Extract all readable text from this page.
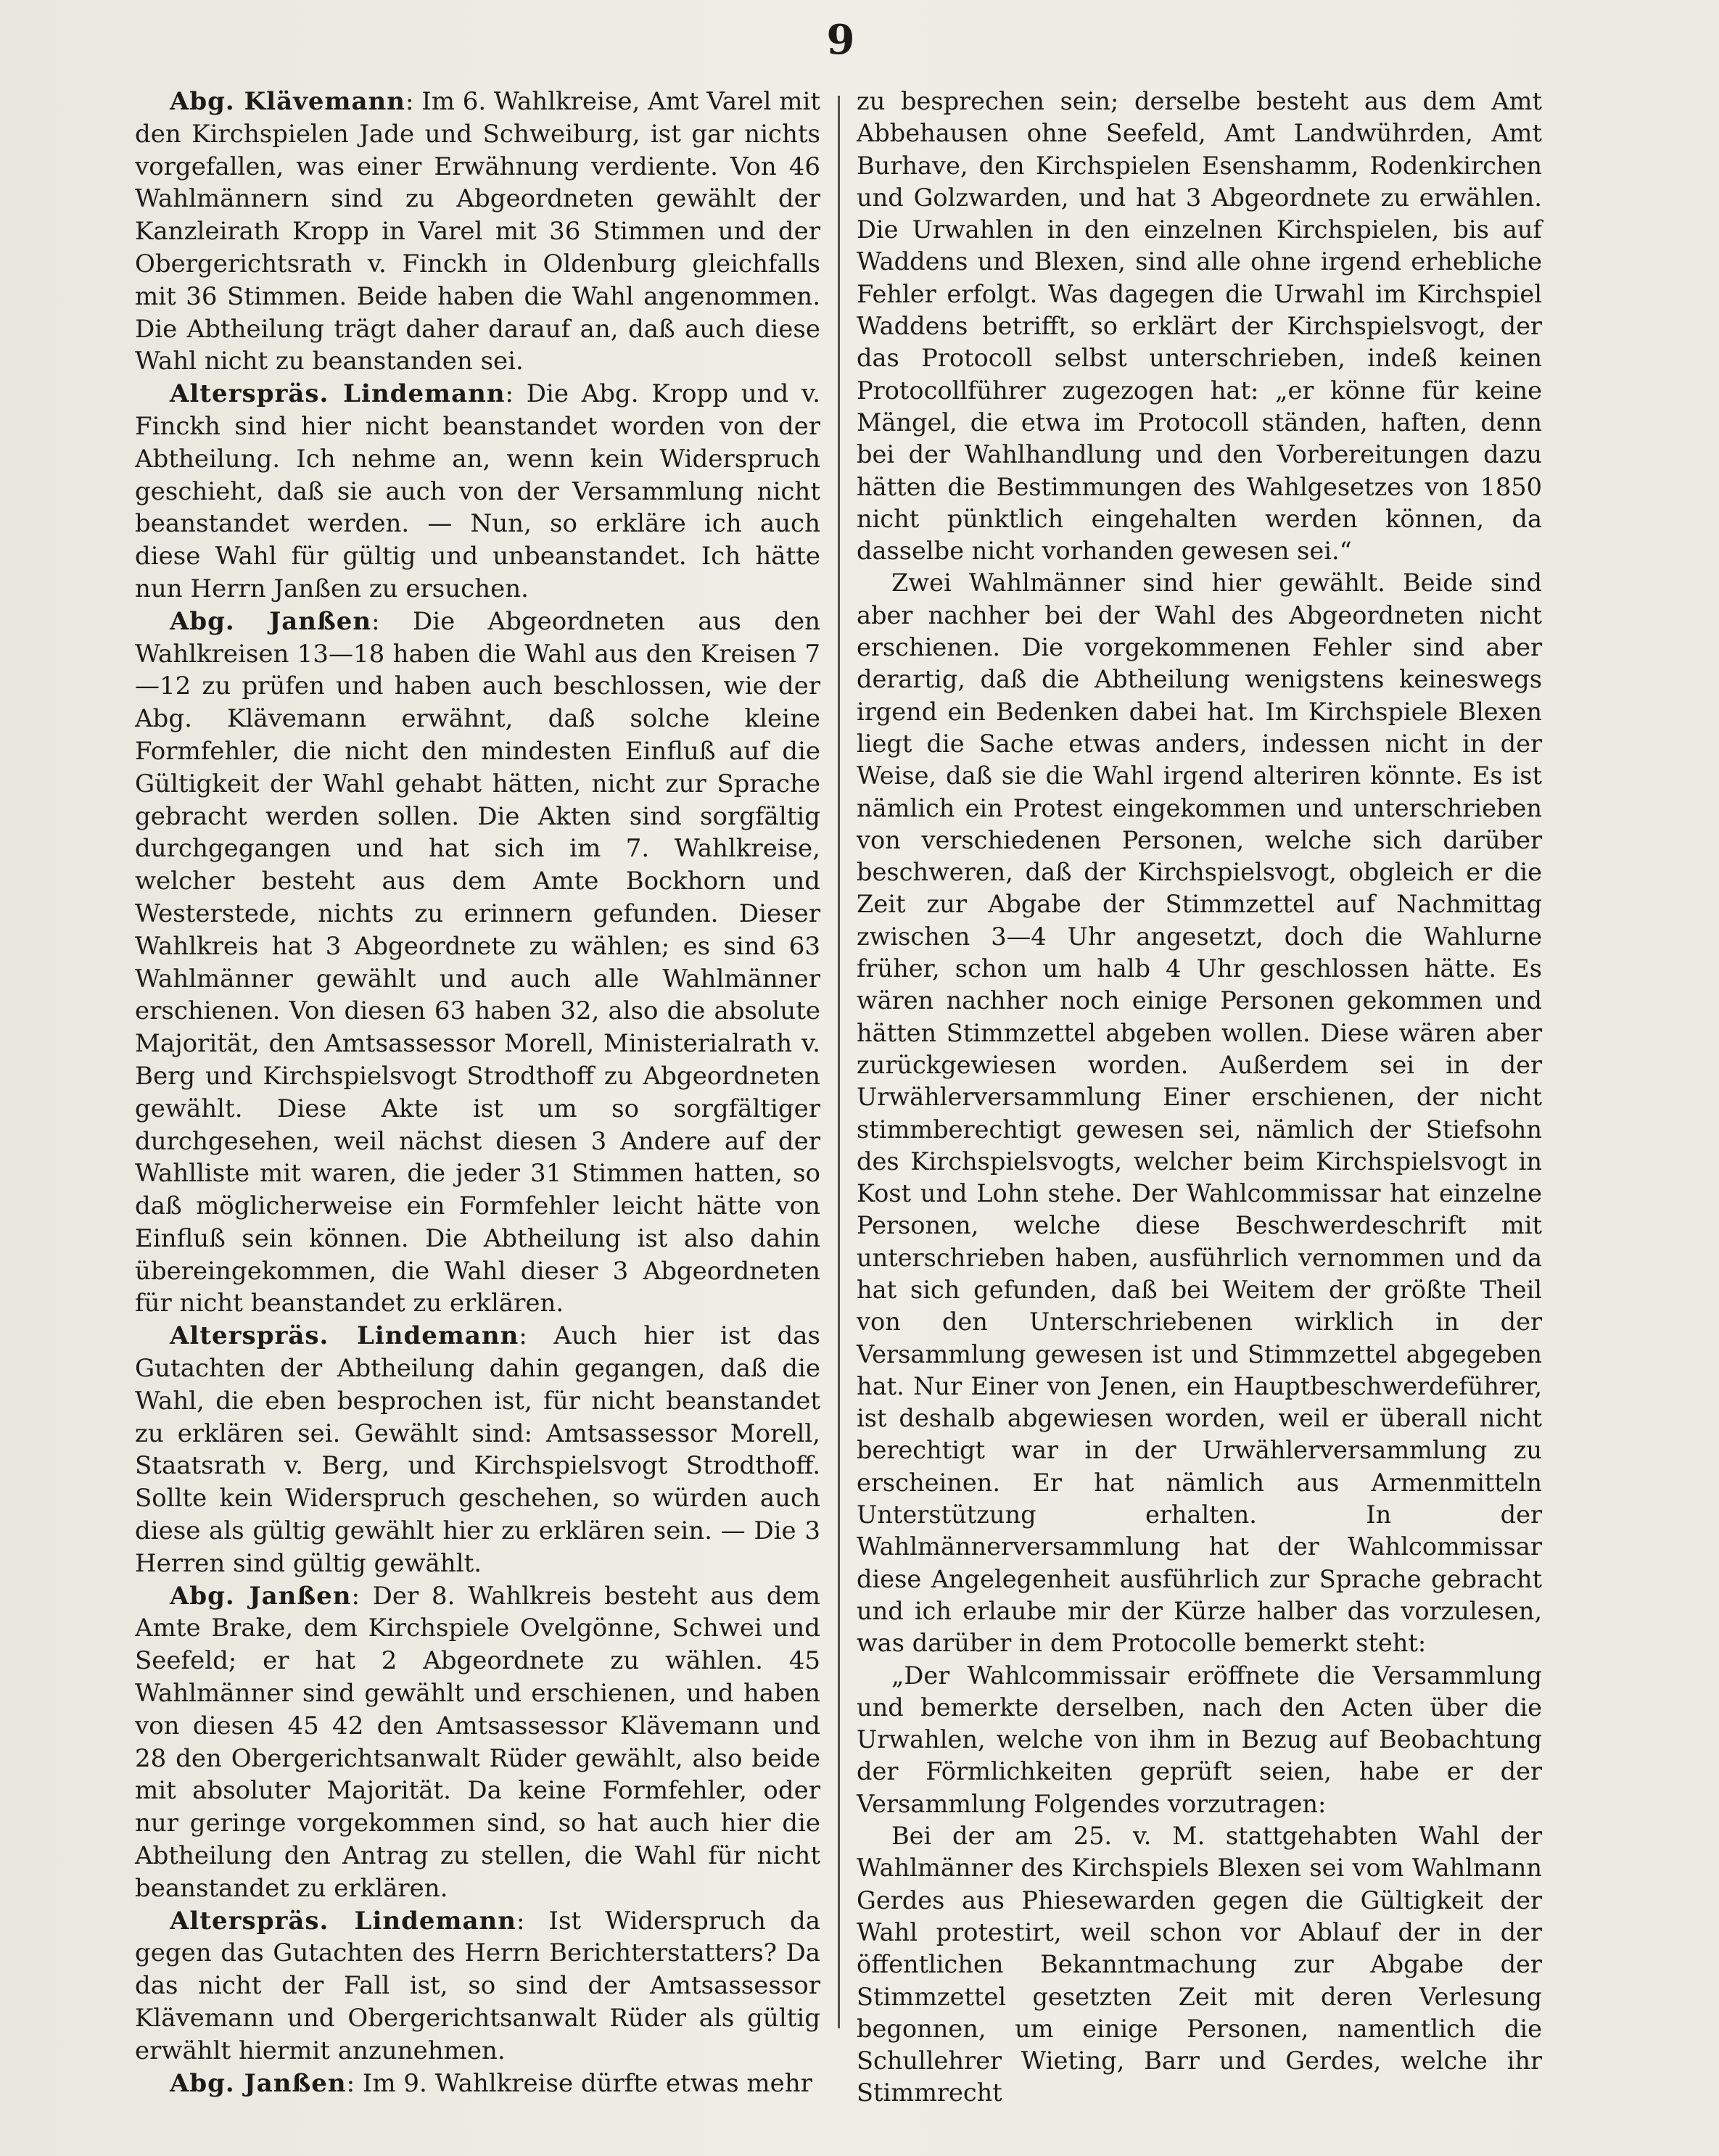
9

Abg. Klävemann: Im 6. Wahlkreise, Amt Varel mit den Kirchspielen Jade und Schweiburg, ist gar nichts vorgefallen, was einer Erwähnung verdiente. Von 46 Wahlmännern sind zu Abgeordneten gewählt der Kanzleirath Kropp in Varel mit 36 Stimmen und der Obergerichtsrath v. Finckh in Oldenburg gleichfalls mit 36 Stimmen. Beide haben die Wahl angenommen. Die Abtheilung trägt daher darauf an, daß auch diese Wahl nicht zu beanstanden sei.

Alterspräs. Lindemann: Die Abg. Kropp und v. Finckh sind hier nicht beanstandet worden von der Abtheilung. Ich nehme an, wenn kein Widerspruch geschieht, daß sie auch von der Versammlung nicht beanstandet werden. — Nun, so erkläre ich auch diese Wahl für gültig und unbeanstandet. Ich hätte nun Herrn Janßen zu ersuchen.

Abg. Janßen: Die Abgeordneten aus den Wahlkreisen 13—18 haben die Wahl aus den Kreisen 7—12 zu prüfen und haben auch beschlossen, wie der Abg. Klävemann erwähnt, daß solche kleine Formfehler, die nicht den mindesten Einfluß auf die Gültigkeit der Wahl gehabt hätten, nicht zur Sprache gebracht werden sollen. Die Akten sind sorgfältig durchgegangen und hat sich im 7. Wahlkreise, welcher besteht aus dem Amte Bockhorn und Westerstede, nichts zu erinnern gefunden. Dieser Wahlkreis hat 3 Abgeordnete zu wählen; es sind 63 Wahlmänner gewählt und auch alle Wahlmänner erschienen. Von diesen 63 haben 32, also die absolute Majorität, den Amtsassessor Morell, Ministerialrath v. Berg und Kirchspielsvogt Strodthoff zu Abgeordneten gewählt. Diese Akte ist um so sorgfältiger durchgesehen, weil nächst diesen 3 Andere auf der Wahlliste mit waren, die jeder 31 Stimmen hatten, so daß möglicherweise ein Formfehler leicht hätte von Einfluß sein können. Die Abtheilung ist also dahin übereingekommen, die Wahl dieser 3 Abgeordneten für nicht beanstandet zu erklären.

Alterspräs. Lindemann: Auch hier ist das Gutachten der Abtheilung dahin gegangen, daß die Wahl, die eben besprochen ist, für nicht beanstandet zu erklären sei. Gewählt sind: Amtsassessor Morell, Staatsrath v. Berg, und Kirchspielsvogt Strodthoff. Sollte kein Widerspruch geschehen, so würden auch diese als gültig gewählt hier zu erklären sein. — Die 3 Herren sind gültig gewählt.

Abg. Janßen: Der 8. Wahlkreis besteht aus dem Amte Brake, dem Kirchspiele Ovelgönne, Schwei und Seefeld; er hat 2 Abgeordnete zu wählen. 45 Wahlmänner sind gewählt und erschienen, und haben von diesen 45 42 den Amtsassessor Klävemann und 28 den Obergerichtsanwalt Rüder gewählt, also beide mit absoluter Majorität. Da keine Formfehler, oder nur geringe vorgekommen sind, so hat auch hier die Abtheilung den Antrag zu stellen, die Wahl für nicht beanstandet zu erklären.

Alterspräs. Lindemann: Ist Widerspruch da gegen das Gutachten des Herrn Berichterstatters? Da das nicht der Fall ist, so sind der Amtsassessor Klävemann und Obergerichtsanwalt Rüder als gültig erwählt hiermit anzunehmen.

Abg. Janßen: Im 9. Wahlkreise dürfte etwas mehr

zu besprechen sein; derselbe besteht aus dem Amt Abbehausen ohne Seefeld, Amt Landwührden, Amt Burhave, den Kirchspielen Esenshamm, Rodenkirchen und Golzwarden, und hat 3 Abgeordnete zu erwählen. Die Urwahlen in den einzelnen Kirchspielen, bis auf Waddens und Blexen, sind alle ohne irgend erhebliche Fehler erfolgt. Was dagegen die Urwahl im Kirchspiel Waddens betrifft, so erklärt der Kirchspielsvogt, der das Protocoll selbst unterschrieben, indeß keinen Protocollführer zugezogen hat: „er könne für keine Mängel, die etwa im Protocoll ständen, haften, denn bei der Wahlhandlung und den Vorbereitungen dazu hätten die Bestimmungen des Wahlgesetzes von 1850 nicht pünktlich eingehalten werden können, da dasselbe nicht vorhanden gewesen sei.“

Zwei Wahlmänner sind hier gewählt. Beide sind aber nachher bei der Wahl des Abgeordneten nicht erschienen. Die vorgekommenen Fehler sind aber derartig, daß die Abtheilung wenigstens keineswegs irgend ein Bedenken dabei hat. Im Kirchspiele Blexen liegt die Sache etwas anders, indessen nicht in der Weise, daß sie die Wahl irgend alteriren könnte. Es ist nämlich ein Protest eingekommen und unterschrieben von verschiedenen Personen, welche sich darüber beschweren, daß der Kirchspielsvogt, obgleich er die Zeit zur Abgabe der Stimmzettel auf Nachmittag zwischen 3—4 Uhr angesetzt, doch die Wahlurne früher, schon um halb 4 Uhr geschlossen hätte. Es wären nachher noch einige Personen gekommen und hätten Stimmzettel abgeben wollen. Diese wären aber zurückgewiesen worden. Außerdem sei in der Urwählerversammlung Einer erschienen, der nicht stimmberechtigt gewesen sei, nämlich der Stiefsohn des Kirchspielsvogts, welcher beim Kirchspielsvogt in Kost und Lohn stehe. Der Wahlcommissar hat einzelne Personen, welche diese Beschwerdeschrift mit unterschrieben haben, ausführlich vernommen und da hat sich gefunden, daß bei Weitem der größte Theil von den Unterschriebenen wirklich in der Versammlung gewesen ist und Stimmzettel abgegeben hat. Nur Einer von Jenen, ein Hauptbeschwerdeführer, ist deshalb abgewiesen worden, weil er überall nicht berechtigt war in der Urwählerversammlung zu erscheinen. Er hat nämlich aus Armenmitteln Unterstützung erhalten. In der Wahlmännerversammlung hat der Wahlcommissar diese Angelegenheit ausführlich zur Sprache gebracht und ich erlaube mir der Kürze halber das vorzulesen, was darüber in dem Protocolle bemerkt steht:

„Der Wahlcommissair eröffnete die Versammlung und bemerkte derselben, nach den Acten über die Urwahlen, welche von ihm in Bezug auf Beobachtung der Förmlichkeiten geprüft seien, habe er der Versammlung Folgendes vorzutragen:

Bei der am 25. v. M. stattgehabten Wahl der Wahlmänner des Kirchspiels Blexen sei vom Wahlmann Gerdes aus Phiesewarden gegen die Gültigkeit der Wahl protestirt, weil schon vor Ablauf der in der öffentlichen Bekanntmachung zur Abgabe der Stimmzettel gesetzten Zeit mit deren Verlesung begonnen, um einige Personen, namentlich die Schullehrer Wieting, Barr und Gerdes, welche ihr Stimmrecht
